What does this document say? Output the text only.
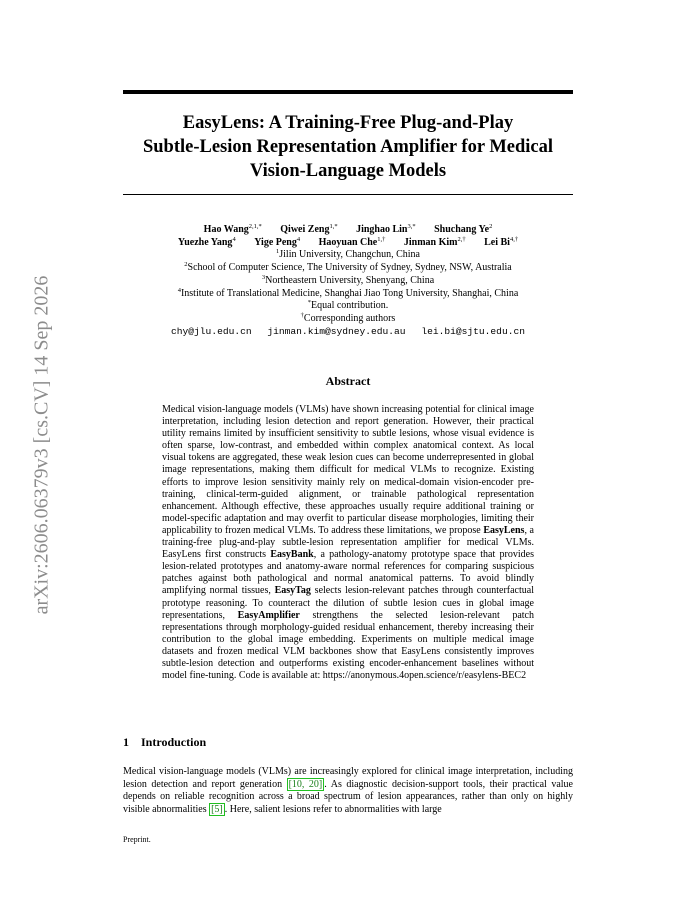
EasyLens: A Training-Free Plug-and-Play
Subtle-Lesion Representation Amplifier for Medical
Vision-Language Models
arXiv:2606.06379v3 [cs.CV] 14 Sep 2026
Hao Wang$^{2,1,*}$ Qiwei Zeng$^{1,*}$ Jinghao Lin$^{3,*}$ Shuchang Ye$^2$
Yuezhe Yang$^4$ Yige Peng$^4$ Haoyuan Che$^{1,\dagger}$ Jinman Kim$^{2,\dagger}$ Lei $Bi^{4,\dagger}$
$^1$Jilin University, Changchun, China
$^2$School of Computer Science, The University of Sydney, Sydney, NSW, Australia
$^3$Northeastern University, Shenyang, China
$^4$Institute of Translational Medicine, Shanghai Jiao Tong University, Shanghai, China
*Equal contribution.
†Corresponding authors
chy@jlu.edu.cn jinman.kim@sydney.edu.au lei.bi@sjtu.edu.cn
Abstract

Medical vision-language models (VLMs) have shown increasing potential for clinical image interpretation, including lesion detection and report generation. However, their practical utility remains limited by insufficient sensitivity to subtle lesions, whose visual evidence is often sparse, low-contrast, and embedded within complex anatomical context. As local visual tokens are aggregated, these weak lesion cues can become underrepresented in global image representations, making them difficult for medical VLMs to recognize. Existing efforts to improve lesion sensitivity mainly rely on medical-domain vision-encoder pre-training, clinical-term-guided alignment, or trainable pathological representation enhancement. Although effective, these approaches usually require additional training or model-specific adaptation and may overfit to particular disease morphologies, limiting their applicability to frozen medical VLMs. To address these limitations, we propose EasyLens, a training-free plug-and-play subtle-lesion representation amplifier for medical VLMs. EasyLens first constructs EasyBank, a pathology-anatomy prototype space that provides lesion-related prototypes and anatomy-aware normal references for comparing suspicious patches against both pathological and normal anatomical patterns. To avoid blindly amplifying normal tissues, EasyTag selects lesion-relevant patches through counterfactual prototype reasoning. To counteract the dilution of subtle lesion cues in global image representations, EasyAmplifier strengthens the selected lesion-relevant patch representations through morphology-guided residual enhancement, thereby increasing their contribution to the global image embedding. Experiments on multiple medical image datasets and frozen medical VLM backbones show that EasyLens consistently improves subtle-lesion detection and outperforms existing encoder-enhancement baselines without model fine-tuning. Code is available at: https://anonymous.4open.science/r/easylens-BEC2

1 Introduction

Medical vision-language models (VLMs) are increasingly explored for clinical image interpretation, including lesion detection and report generation [10, 20] . As diagnostic decision-support tools, their practical value depends on reliable recognition across a broad spectrum of lesion appearances, rather than only on highly visible abnormalities [5] . Here, salient lesions refer to abnormalities with large

Preprint.
